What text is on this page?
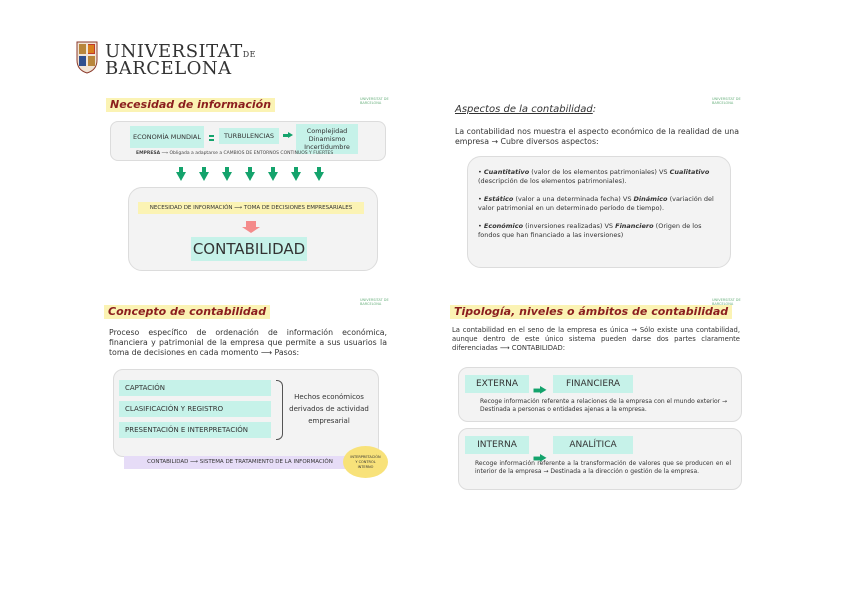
UNIVERSITATDE
BARCELONA
Necesidad de información	UNIVERSITAT DE BARCELONA
ECONOMÍA MUNDIAL	TURBULENCIAS
Complejidad Dinamismo Incertidumbre
EMPRESA ⟶ Obligada a adaptarse a CAMBIOS DE ENTORNOS CONTINUOS Y FUERTES
NECESIDAD DE INFORMACIÓN ⟶ TOMA DE DECISIONES EMPRESARIALES
CONTABILIDAD
Aspectos de la contabilidad:
UNIVERSITAT DE BARCELONA
La contabilidad nos muestra el aspecto económico de la realidad de una empresa → Cubre diversos aspectos:
• Cuantitativo (valor de los elementos patrimoniales) VS Cualitativo (descripción de los elementos patrimoniales).
• Estático (valor a una determinada fecha) VS Dinámico (variación del valor patrimonial en un determinado período de tiempo).
• Económico (inversiones realizadas) VS Financiero (Origen de los fondos que han financiado a las inversiones)
Concepto de contabilidad
UNIVERSITAT DE BARCELONA
Proceso específico de ordenación de información económica, financiera y patrimonial de la empresa que permite a sus usuarios la toma de decisiones en cada momento ⟶ Pasos:
CAPTACIÓN
CLASIFICACIÓN Y REGISTRO
PRESENTACIÓN E INTERPRETACIÓN
Hechos económicos derivados de actividad empresarial
CONTABILIDAD ⟶ SISTEMA DE TRATAMIENTO DE LA INFORMACIÓN
INTERPRETACIÓN Y CONTROL INTERNO
Tipología, niveles o ámbitos de contabilidad
UNIVERSITAT DE BARCELONA
La contabilidad en el seno de la empresa es única → Sólo existe una contabilidad, aunque dentro de este único sistema pueden darse dos partes claramente diferenciadas ⟶ CONTABILIDAD:
EXTERNA	FINANCIERA
Recoge información referente a relaciones de la empresa con el mundo exterior → Destinada a personas o entidades ajenas a la empresa.
INTERNA	ANALÍTICA
Recoge información referente a la transformación de valores que se producen en el interior de la empresa → Destinada a la dirección o gestión de la empresa.
